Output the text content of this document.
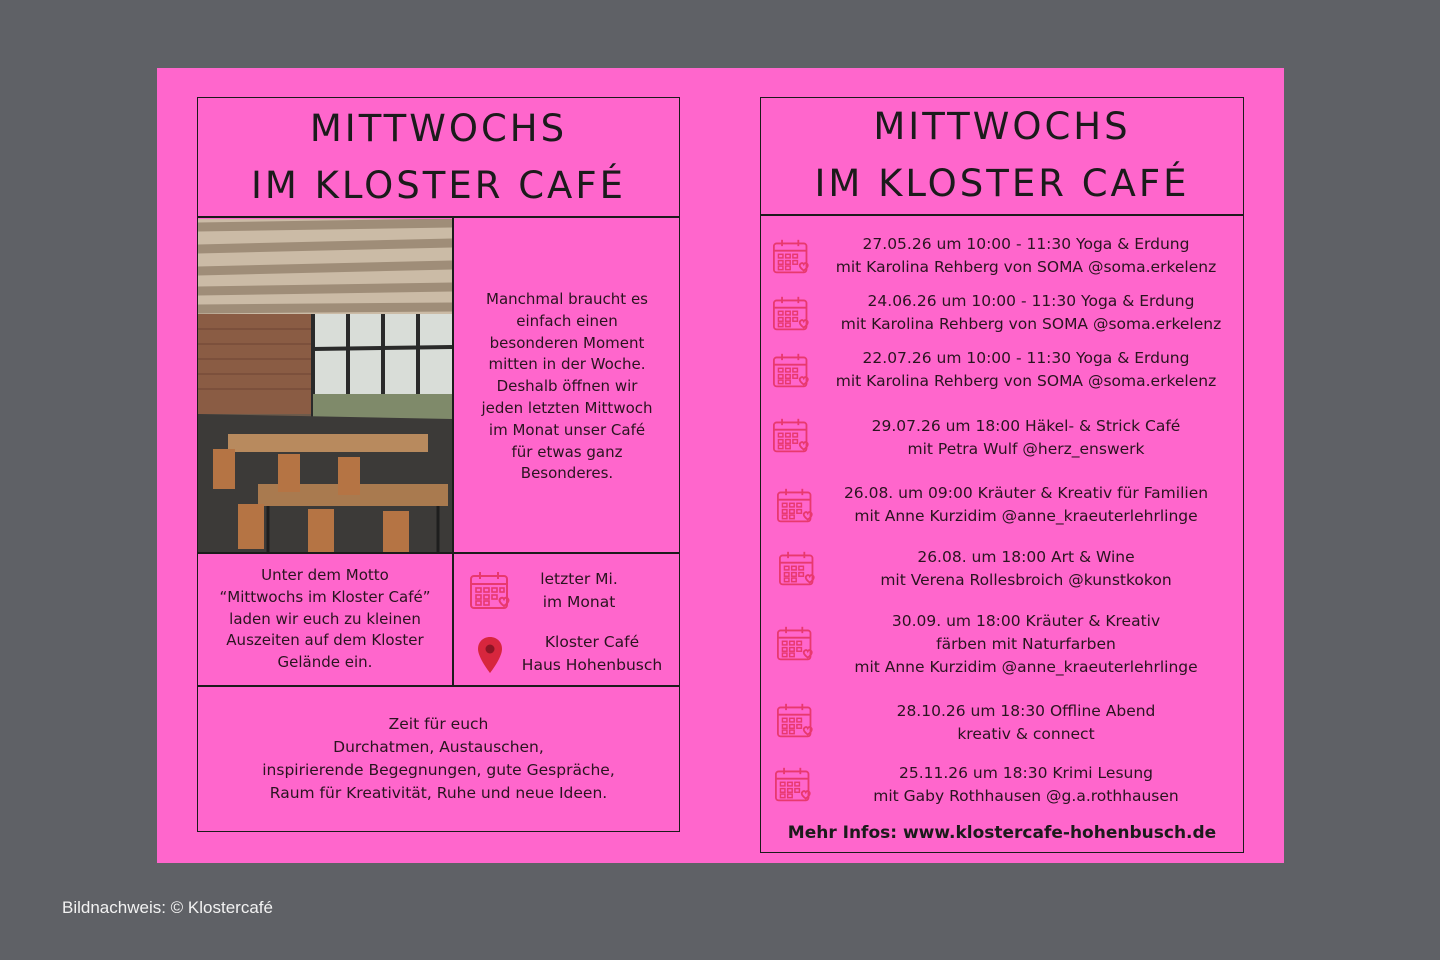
MITTWOCHS
IM KLOSTER CAFÉ
Manchmal braucht es
einfach einen
besonderen Moment
mitten in der Woche.
Deshalb öffnen wir
jeden letzten Mittwoch
im Monat unser Café
für etwas ganz
Besonderes.
Unter dem Motto
“Mittwochs im Kloster Café”
laden wir euch zu kleinen
Auszeiten auf dem Kloster
Gelände ein.
letzter Mi.
im Monat
Kloster Café
Haus Hohenbusch
Zeit für euch
Durchatmen, Austauschen,
inspirierende Begegnungen, gute Gespräche,
Raum für Kreativität, Ruhe und neue Ideen.
MITTWOCHS
IM KLOSTER CAFÉ
27.05.26 um 10:00 - 11:30 Yoga & Erdung
mit Karolina Rehberg von SOMA @soma.erkelenz
24.06.26 um 10:00 - 11:30 Yoga & Erdung
mit Karolina Rehberg von SOMA @soma.erkelenz
22.07.26 um 10:00 - 11:30 Yoga & Erdung
mit Karolina Rehberg von SOMA @soma.erkelenz
29.07.26 um 18:00 Häkel- & Strick Café
mit Petra Wulf @herz_enswerk
26.08. um 09:00 Kräuter & Kreativ für Familien
mit Anne Kurzidim @anne_kraeuterlehrlinge
26.08. um 18:00 Art & Wine
mit Verena Rollesbroich @kunstkokon
30.09. um 18:00 Kräuter & Kreativ
färben mit Naturfarben
mit Anne Kurzidim @anne_kraeuterlehrlinge
28.10.26 um 18:30 Offline Abend
kreativ & connect
25.11.26 um 18:30 Krimi Lesung
mit Gaby Rothhausen @g.a.rothhausen
Mehr Infos: www.klostercafe-hohenbusch.de
Bildnachweis: © Klostercafé
